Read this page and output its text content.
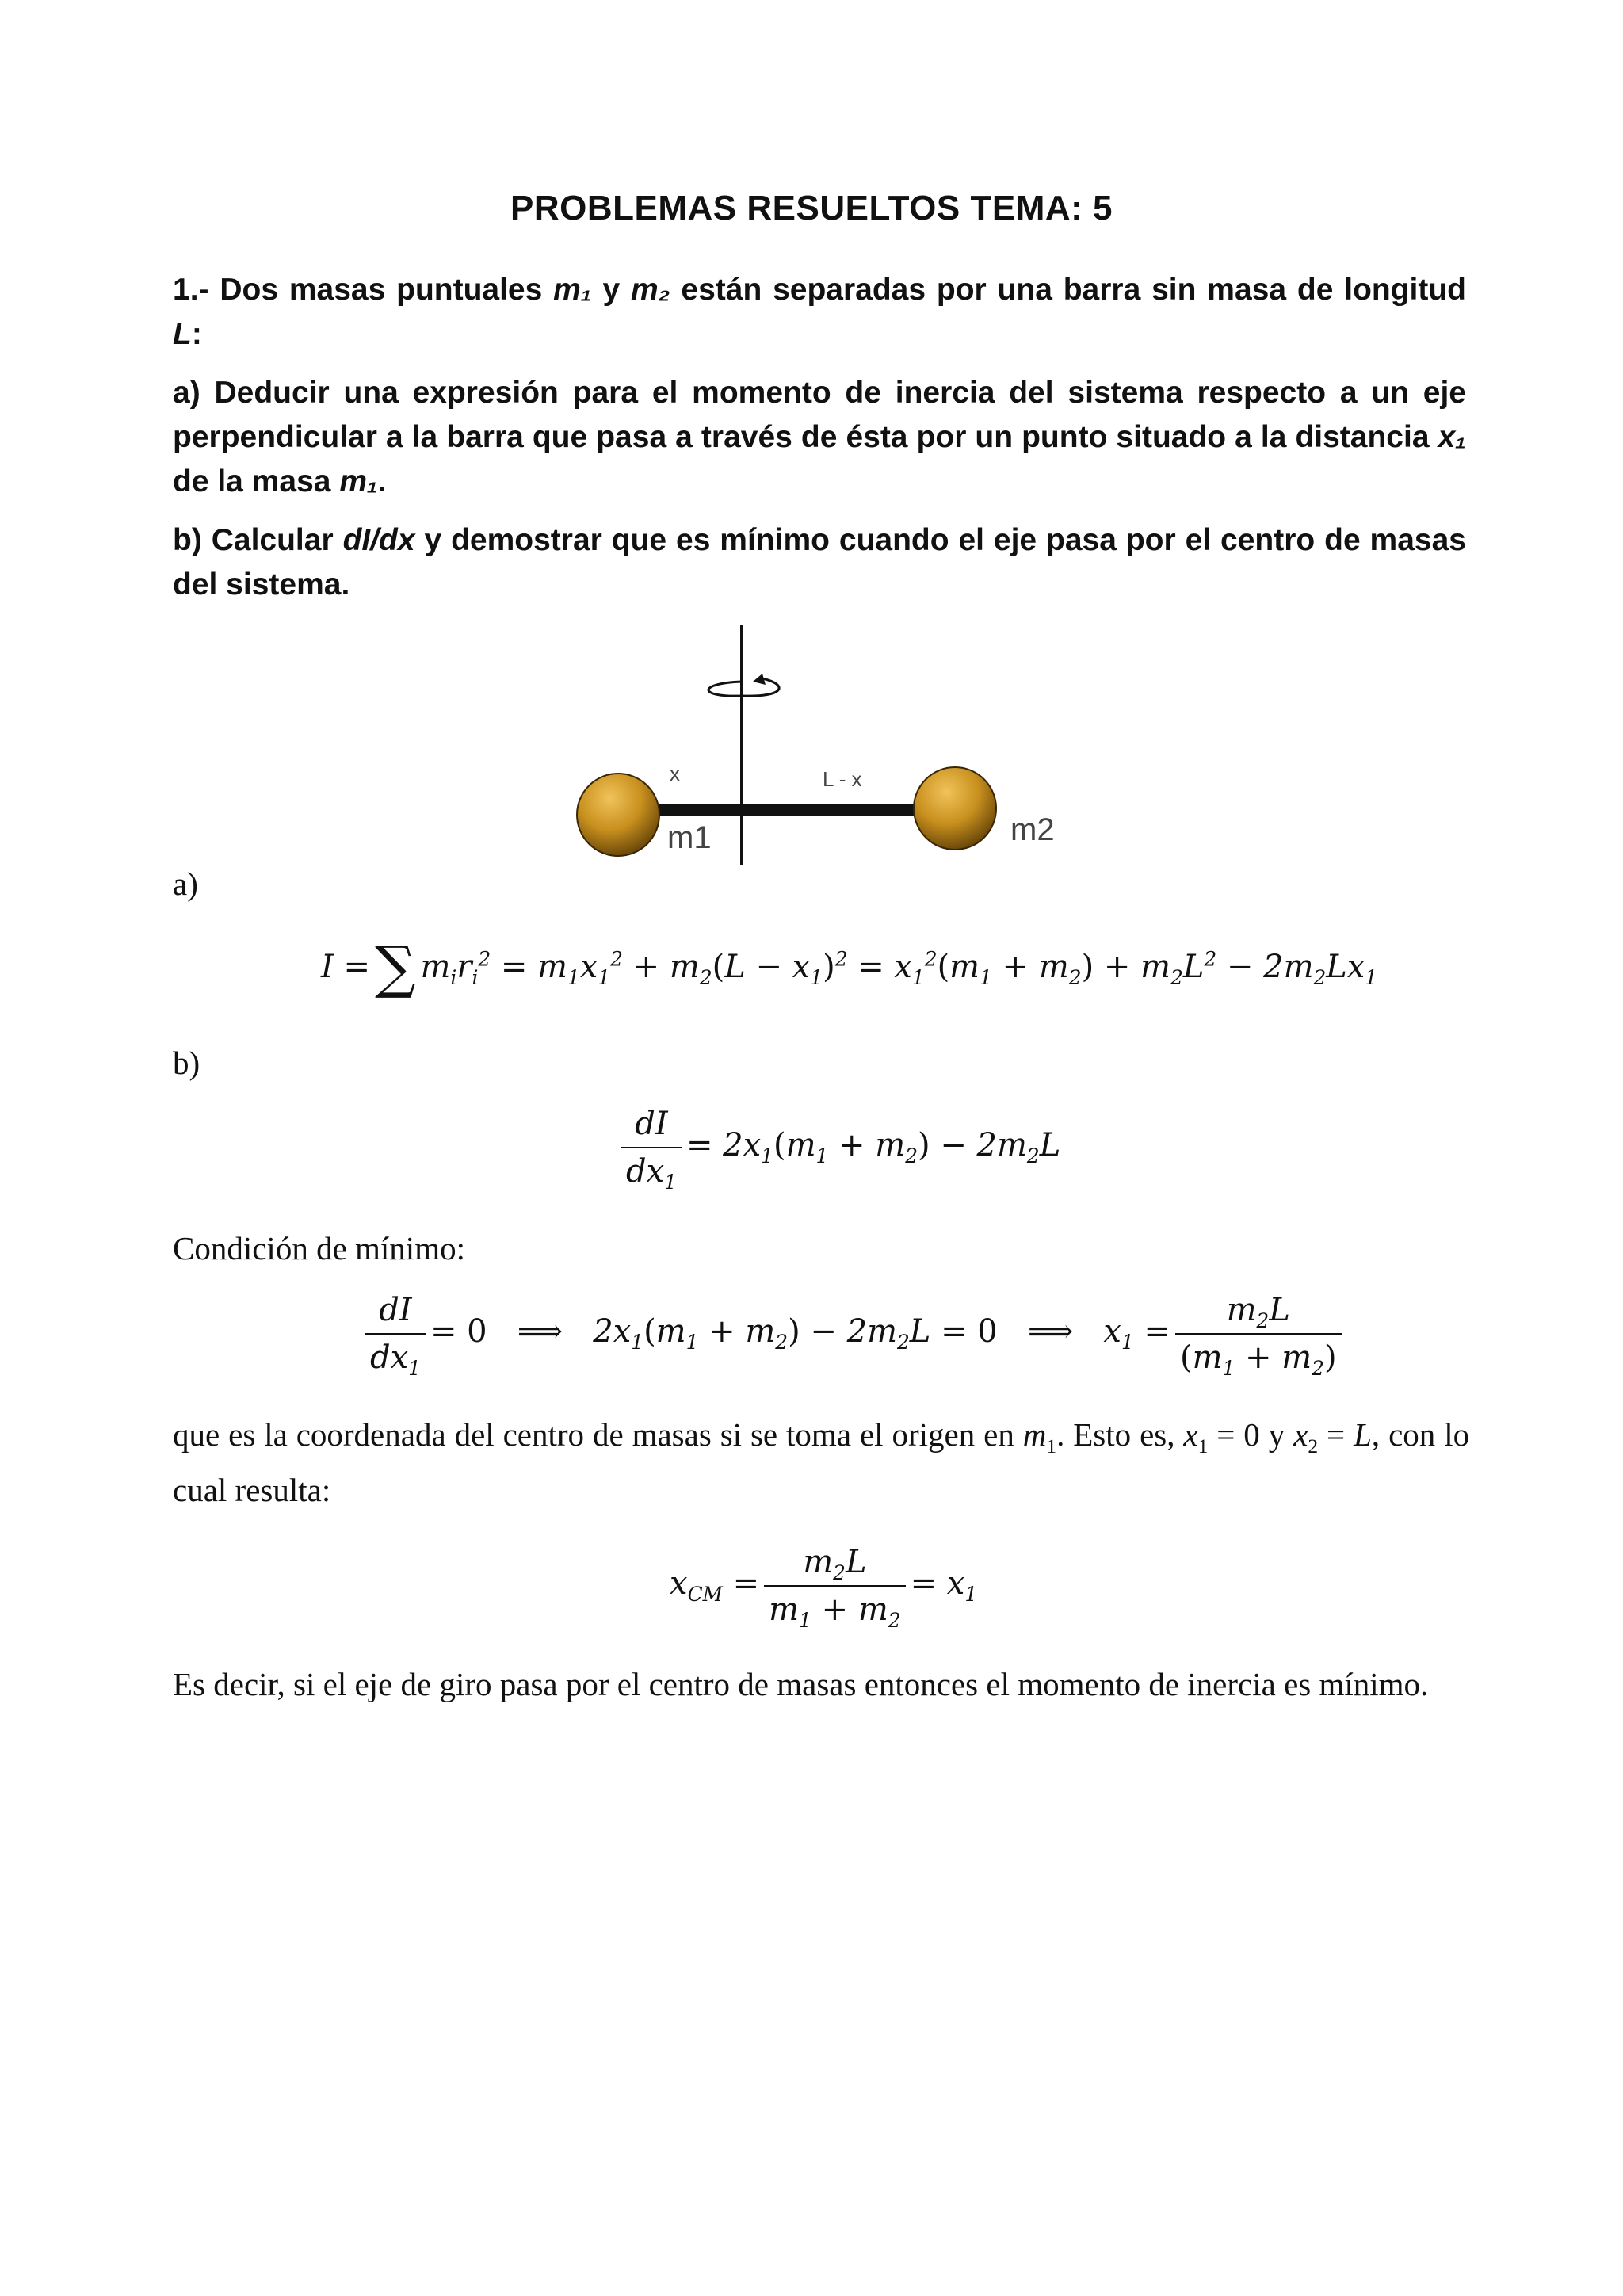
PROBLEMAS RESUELTOS TEMA: 5
1.- Dos masas puntuales m₁ y m₂ están separadas por una barra sin masa de longitud L:
a) Deducir una expresión para el momento de inercia del sistema respecto a un eje perpendicular a la barra que pasa a través de ésta por un punto situado a la distancia x₁ de la masa m₁.
b) Calcular dI/dx y demostrar que es mínimo cuando el eje pasa por el centro de masas del sistema.
x	L - x
m1	m2
a)
I =∑ $m_ir_i^2 = m_1x_1^2 + m_2(L - x_1)^2 = x_1^2(m_1 + m_2) + m_2L^2 - 2m_2Lx_1$
b)
$\frac{dI}{dx_1} = 2x_1(m_1 + m_2) - 2m_2L$
Condición de mínimo:
$\frac{dI}{dx_1} = 0$   ⟹   $2x_1(m_1 + m_2) - 2m_2L = 0$   ⟹   $x_1 = \frac{m_2L}{(m_1 + m_2)}$
que es la coordenada del centro de masas si se toma el origen en $m_1$. Esto es, $x_1 = 0$ y $x_2 = L$, con lo cual resulta:
$x_{CM} = \frac{m_2L}{m_1 + m_2} = x_1$
Es decir, si el eje de giro pasa por el centro de masas entonces el momento de inercia es mínimo.
